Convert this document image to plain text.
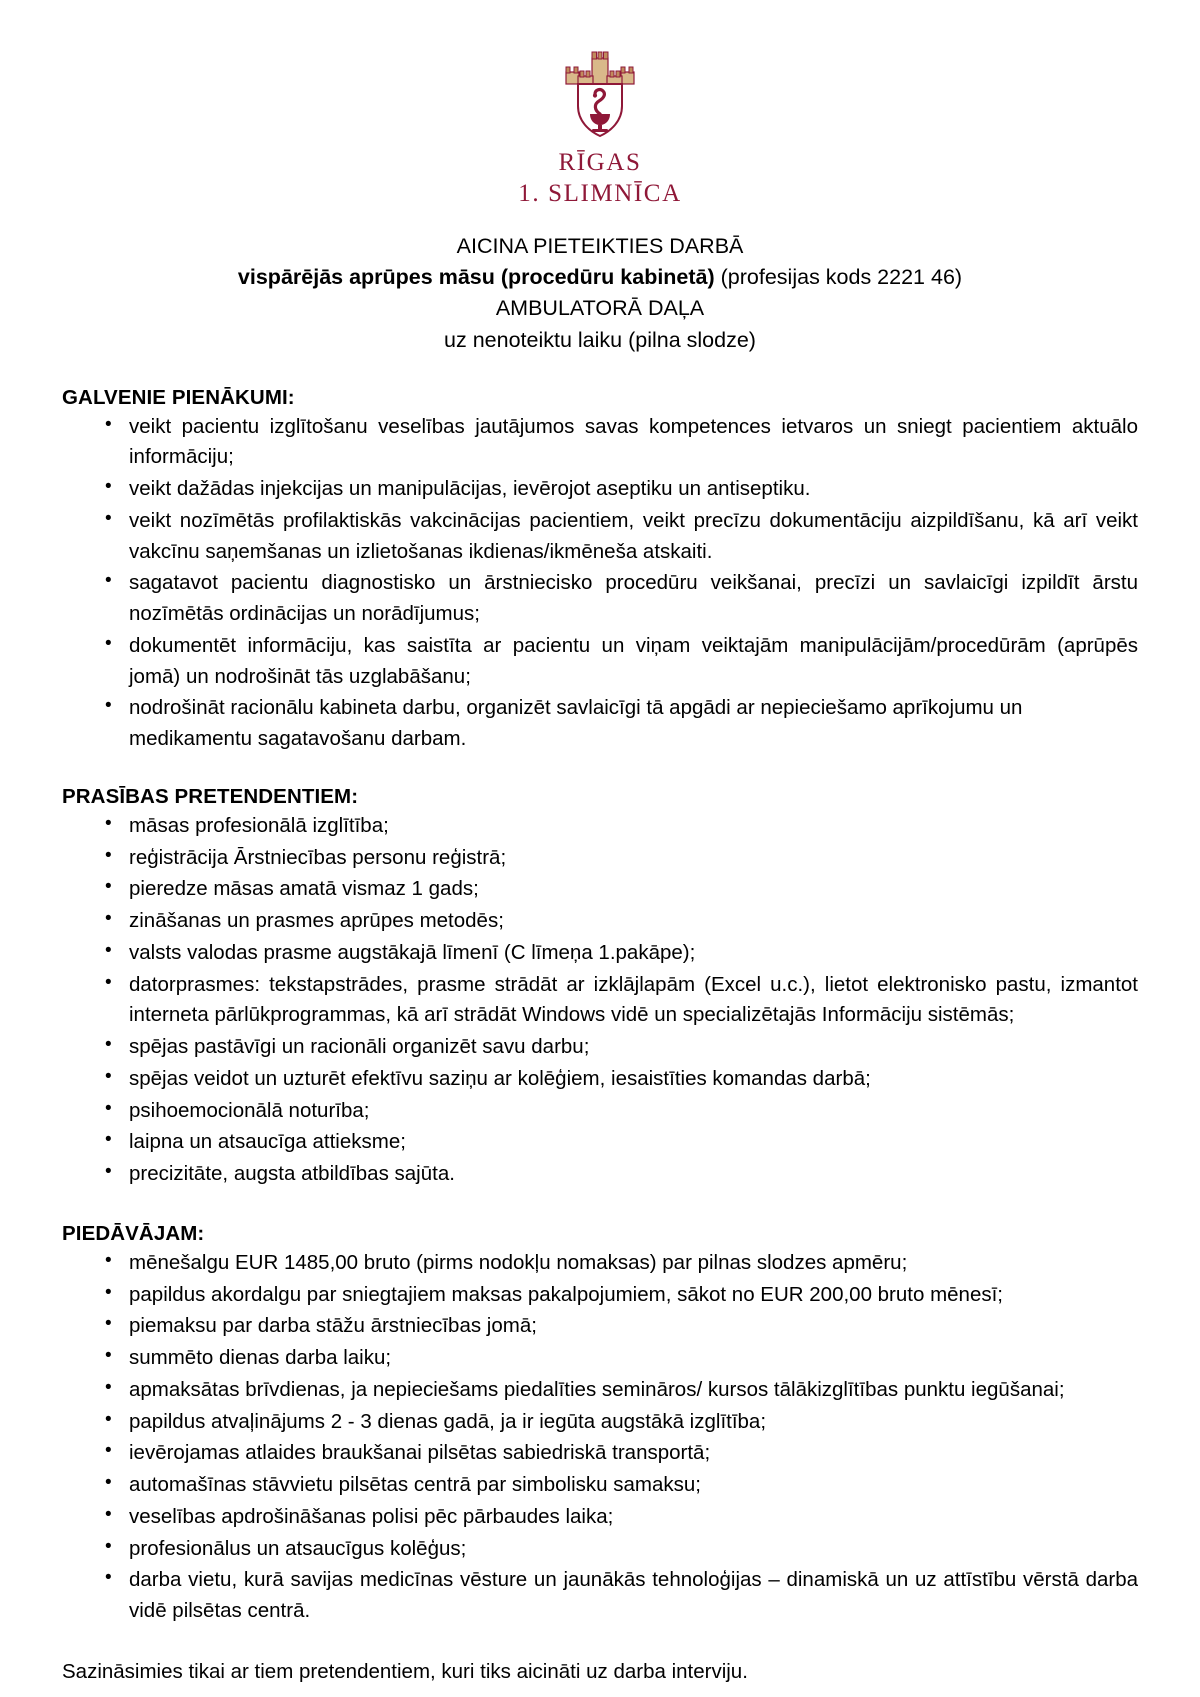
RĪGAS
1. SLIMNĪCA
AICINA PIETEIKTIES DARBĀ
vispārējās aprūpes māsu (procedūru kabinetā) (profesijas kods 2221 46)
AMBULATORĀ DAĻA
uz nenoteiktu laiku (pilna slodze)

GALVENIE PIENĀKUMI:

• veikt pacientu izglītošanu veselības jautājumos savas kompetences ietvaros un sniegt pacientiem aktuālo informāciju;
• veikt dažādas injekcijas un manipulācijas, ievērojot aseptiku un antiseptiku.
• veikt nozīmētās profilaktiskās vakcinācijas pacientiem, veikt precīzu dokumentāciju aizpildīšanu, kā arī veikt vakcīnu saņemšanas un izlietošanas ikdienas/ikmēneša atskaiti.
• sagatavot pacientu diagnostisko un ārstniecisko procedūru veikšanai, precīzi un savlaicīgi izpildīt ārstu nozīmētās ordinācijas un norādījumus;
• dokumentēt informāciju, kas saistīta ar pacientu un viņam veiktajām manipulācijām/procedūrām (aprūpēs jomā) un nodrošināt tās uzglabāšanu;
• nodrošināt racionālu kabineta darbu, organizēt savlaicīgi tā apgādi ar nepieciešamo aprīkojumu un medikamentu sagatavošanu darbam.

PRASĪBAS PRETENDENTIEM:

• māsas profesionālā izglītība;
• reģistrācija Ārstniecības personu reģistrā;
• pieredze māsas amatā vismaz 1 gads;
• zināšanas un prasmes aprūpes metodēs;
• valsts valodas prasme augstākajā līmenī (C līmeņa 1.pakāpe);
• datorprasmes: tekstapstrādes, prasme strādāt ar izklājlapām (Excel u.c.), lietot elektronisko pastu, izmantot interneta pārlūkprogrammas, kā arī strādāt Windows vidē un specializētajās Informāciju sistēmās;
• spējas pastāvīgi un racionāli organizēt savu darbu;
• spējas veidot un uzturēt efektīvu saziņu ar kolēģiem, iesaistīties komandas darbā;
• psihoemocionālā noturība;
• laipna un atsaucīga attieksme;
• precizitāte, augsta atbildības sajūta.

PIEDĀVĀJAM:

• mēnešalgu EUR 1485,00 bruto (pirms nodokļu nomaksas) par pilnas slodzes apmēru;
• papildus akordalgu par sniegtajiem maksas pakalpojumiem, sākot no EUR 200,00 bruto mēnesī;
• piemaksu par darba stāžu ārstniecības jomā;
• summēto dienas darba laiku;
• apmaksātas brīvdienas, ja nepieciešams piedalīties semināros/ kursos tālākizglītības punktu iegūšanai;
• papildus atvaļinājums 2 - 3 dienas gadā, ja ir iegūta augstākā izglītība;
• ievērojamas atlaides braukšanai pilsētas sabiedriskā transportā;
• automašīnas stāvvietu pilsētas centrā par simbolisku samaksu;
• veselības apdrošināšanas polisi pēc pārbaudes laika;
• profesionālus un atsaucīgus kolēģus;
• darba vietu, kurā savijas medicīnas vēsture un jaunākās tehnoloģijas – dinamiskā un uz attīstību vērstā darba vidē pilsētas centrā.

Sazināsimies tikai ar tiem pretendentiem, kuri tiks aicināti uz darba interviju.
